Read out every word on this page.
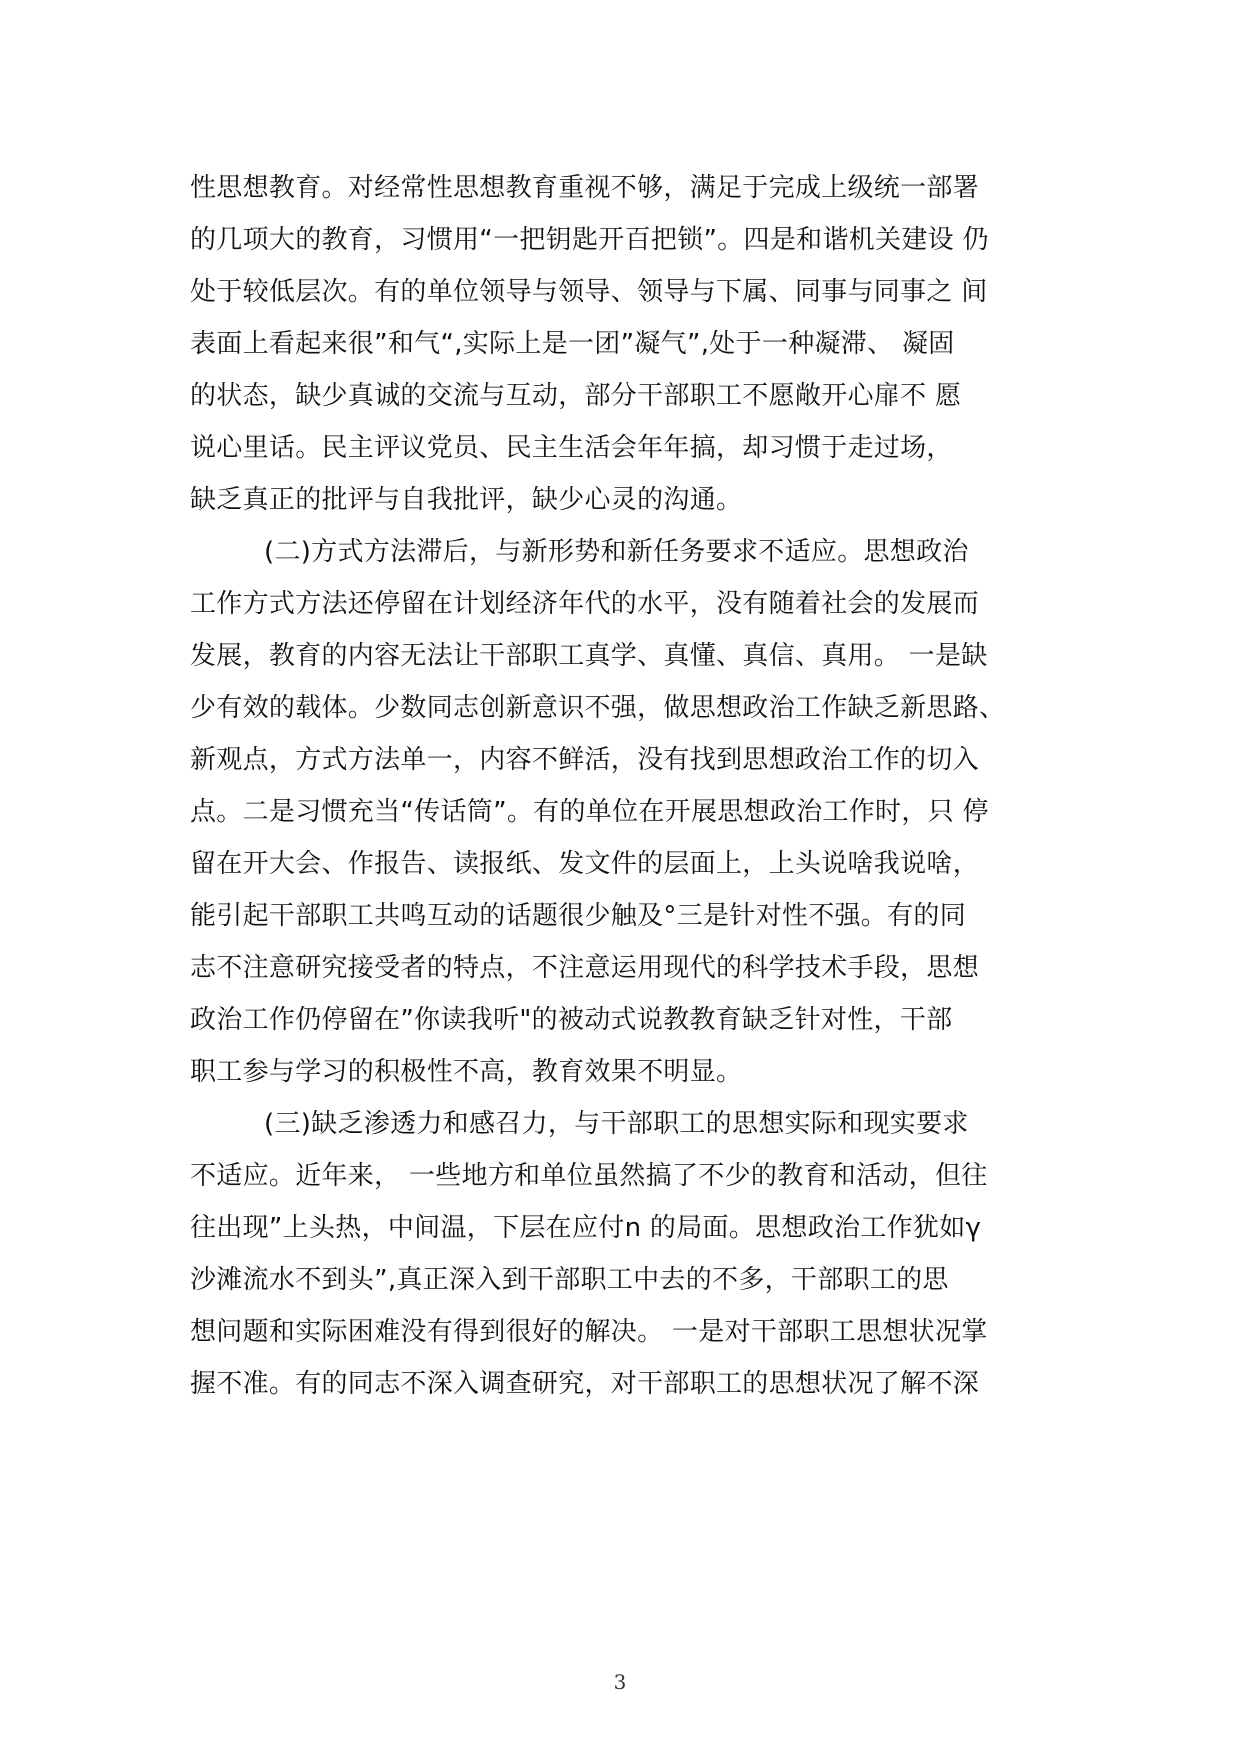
性思想教育。对经常性思想教育重视不够，满足于完成上级统一部署
的几项大的教育，习惯用“一把钥匙开百把锁”。四是和谐机关建设 仍
处于较低层次。有的单位领导与领导、领导与下属、同事与同事之 间
表面上看起来很”和气“,实际上是一团”凝气”,处于一种凝滞、 凝固
的状态，缺少真诚的交流与互动，部分干部职工不愿敞开心扉不 愿
说心里话。民主评议党员、民主生活会年年搞，却习惯于走过场，
缺乏真正的批评与自我批评，缺少心灵的沟通。
(二)方式方法滞后，与新形势和新任务要求不适应。思想政治
工作方式方法还停留在计划经济年代的水平，没有随着社会的发展而
发展，教育的内容无法让干部职工真学、真懂、真信、真用。 一是缺
少有效的载体。少数同志创新意识不强，做思想政治工作缺乏新思路、
新观点，方式方法单一，内容不鲜活，没有找到思想政治工作的切入
点。二是习惯充当“传话筒”。有的单位在开展思想政治工作时，只 停
留在开大会、作报告、读报纸、发文件的层面上，上头说啥我说啥，
能引起干部职工共鸣互动的话题很少触及°三是针对性不强。有的同
志不注意研究接受者的特点，不注意运用现代的科学技术手段，思想
政治工作仍停留在”你读我听"的被动式说教教育缺乏针对性，干部
职工参与学习的积极性不高，教育效果不明显。
(三)缺乏渗透力和感召力，与干部职工的思想实际和现实要求
不适应。近年来， 一些地方和单位虽然搞了不少的教育和活动，但往
往出现”上头热，中间温，下层在应付n 的局面。思想政治工作犹如γ
沙滩流水不到头”,真正深入到干部职工中去的不多，干部职工的思
想问题和实际困难没有得到很好的解决。 一是对干部职工思想状况掌
握不准。有的同志不深入调查研究，对干部职工的思想状况了解不深
3
